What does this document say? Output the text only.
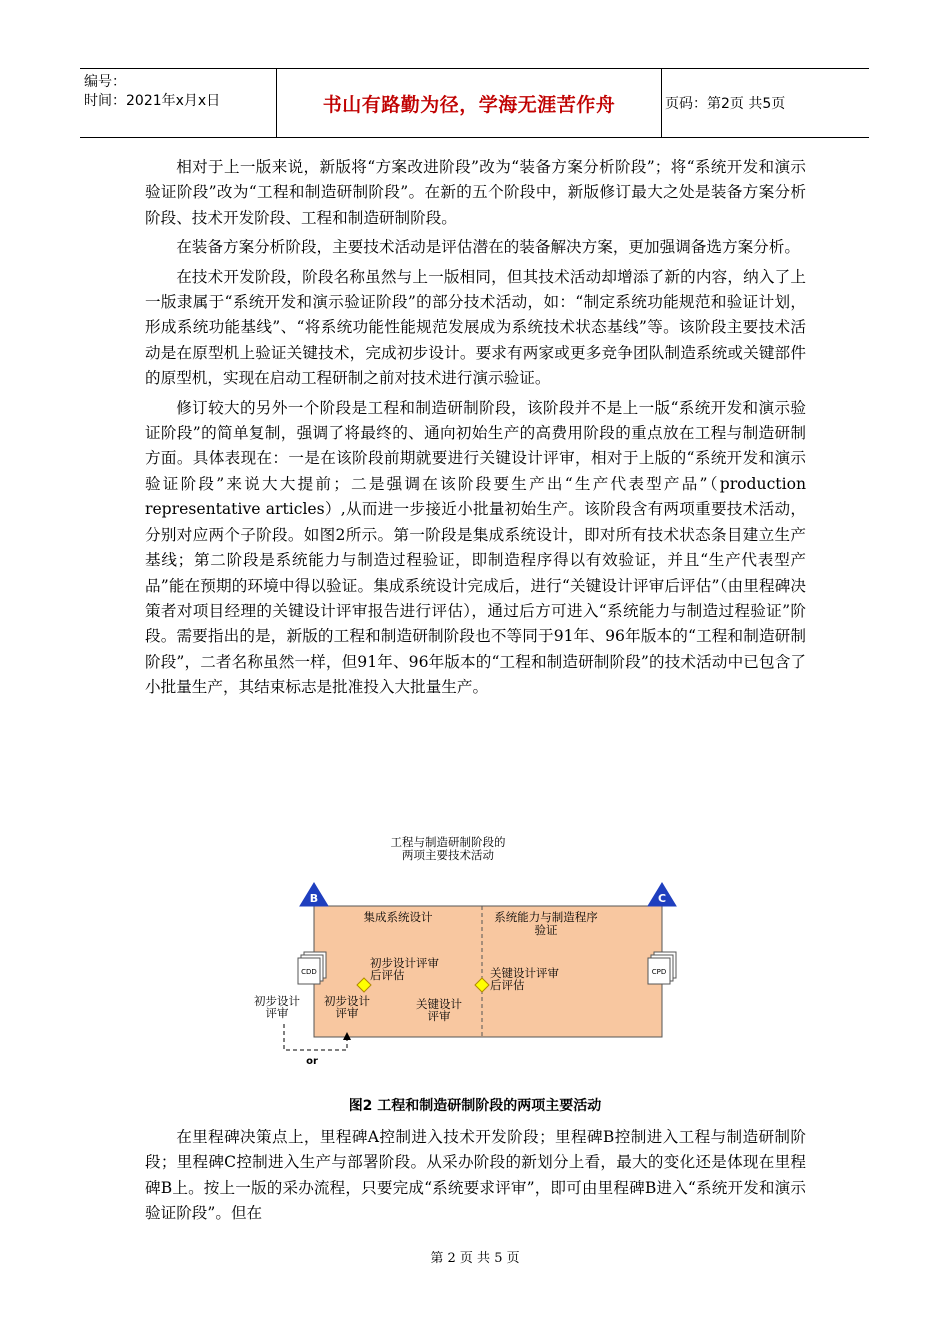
编号：
时间：2021年x月x日	书山有路勤为径，学海无涯苦作舟	页码：第2页 共5页

相对于上一版来说，新版将“方案改进阶段”改为“装备方案分析阶段”；将“系统开发和演示验证阶段”改为“工程和制造研制阶段”。在新的五个阶段中，新版修订最大之处是装备方案分析阶段、技术开发阶段、工程和制造研制阶段。

在装备方案分析阶段，主要技术活动是评估潜在的装备解决方案，更加强调备选方案分析。

在技术开发阶段，阶段名称虽然与上一版相同，但其技术活动却增添了新的内容，纳入了上一版隶属于“系统开发和演示验证阶段”的部分技术活动，如：“制定系统功能规范和验证计划，形成系统功能基线”、“将系统功能性能规范发展成为系统技术状态基线”等。该阶段主要技术活动是在原型机上验证关键技术，完成初步设计。要求有两家或更多竞争团队制造系统或关键部件的原型机，实现在启动工程研制之前对技术进行演示验证。

修订较大的另外一个阶段是工程和制造研制阶段，该阶段并不是上一版“系统开发和演示验证阶段”的简单复制，强调了将最终的、通向初始生产的高费用阶段的重点放在工程与制造研制方面。具体表现在：一是在该阶段前期就要进行关键设计评审，相对于上版的“系统开发和演示验证阶段”来说大大提前；二是强调在该阶段要生产出“生产代表型产品”（production representative articles）,从而进一步接近小批量初始生产。该阶段含有两项重要技术活动，分别对应两个子阶段。如图2所示。第一阶段是集成系统设计，即对所有技术状态条目建立生产基线；第二阶段是系统能力与制造过程验证，即制造程序得以有效验证，并且“生产代表型产品”能在预期的环境中得以验证。集成系统设计完成后，进行“关键设计评审后评估”（由里程碑决策者对项目经理的关键设计评审报告进行评估），通过后方可进入“系统能力与制造过程验证”阶段。需要指出的是，新版的工程和制造研制阶段也不等同于91年、96年版本的“工程和制造研制阶段”，二者名称虽然一样，但91年、96年版本的“工程和制造研制阶段”的技术活动中已包含了小批量生产，其结束标志是批准投入大批量生产。

工程与制造研制阶段的
两项主要技术活动
B	C
集成系统设计	系统能力与制造程序
验证
CDD	CPD
初步设计评审
后评估	关键设计评审
后评估
初步设计
评审
关键设计
评审
初步设计
评审
or
图2 工程和制造研制阶段的两项主要活动

在里程碑决策点上，里程碑A控制进入技术开发阶段；里程碑B控制进入工程与制造研制阶段；里程碑C控制进入生产与部署阶段。从采办阶段的新划分上看，最大的变化还是体现在里程碑B上。按上一版的采办流程，只要完成“系统要求评审”，即可由里程碑B进入“系统开发和演示验证阶段”。但在

第 2 页 共 5 页
